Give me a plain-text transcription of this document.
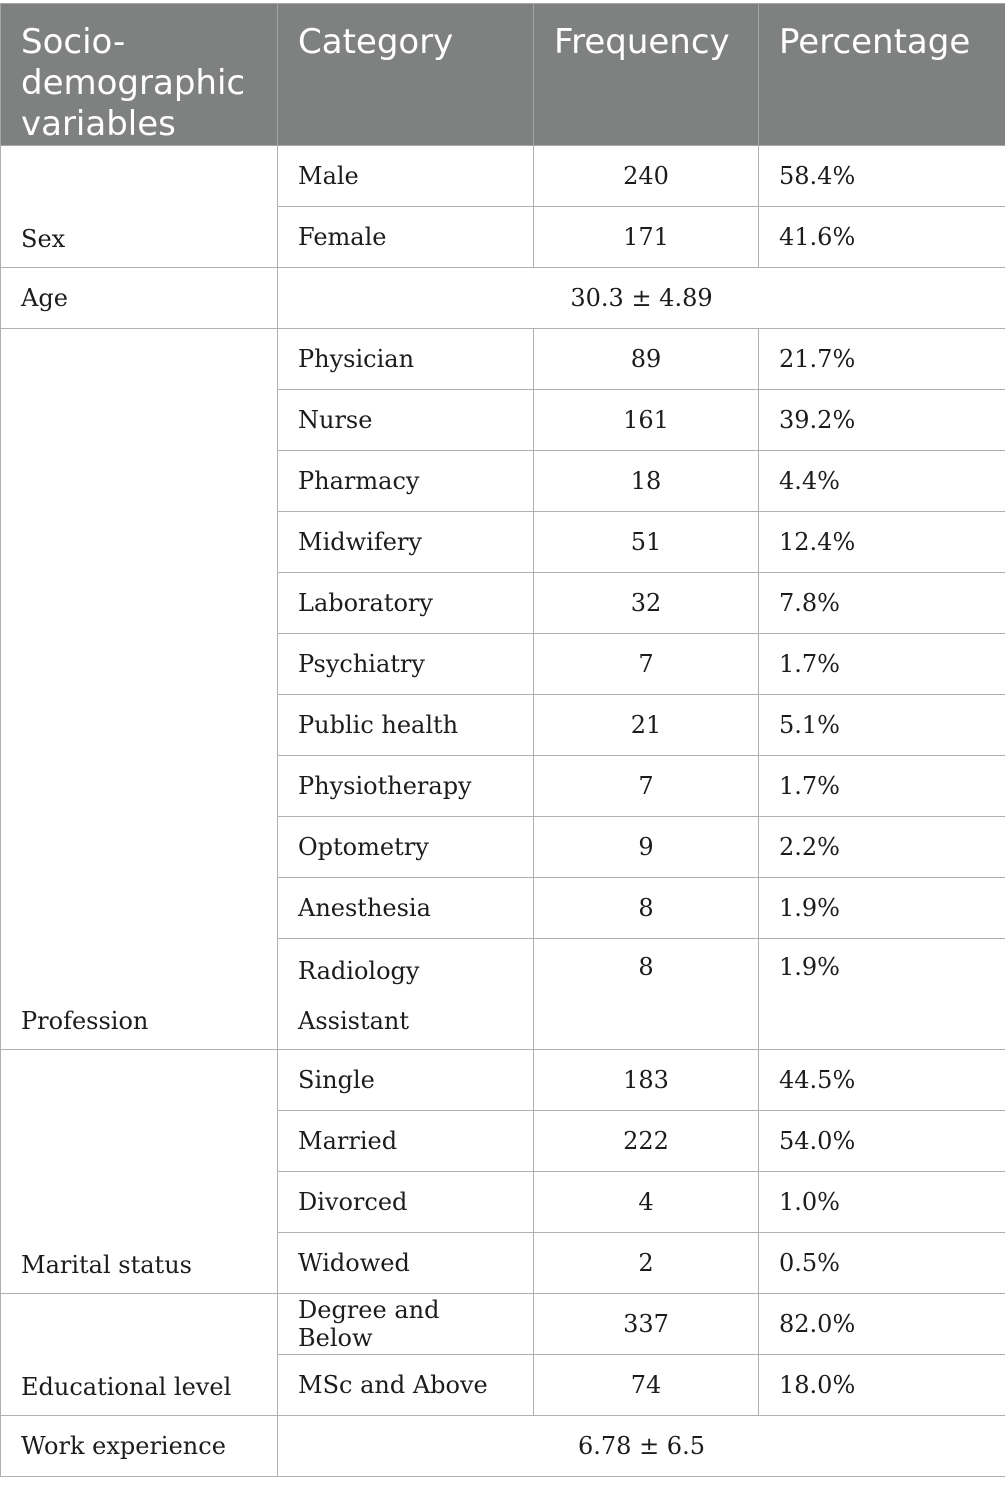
Socio-demographic variables	Category	Frequency	Percentage
Sex	Male	240	58.4%
	Female	171	41.6%
Age	30.3 ± 4.89		
Profession	Physician	89	21.7%
	Nurse	161	39.2%
	Pharmacy	18	4.4%
	Midwifery	51	12.4%
	Laboratory	32	7.8%
	Psychiatry	7	1.7%
	Public health	21	5.1%
	Physiotherapy	7	1.7%
	Optometry	9	2.2%
	Anesthesia	8	1.9%
	Radiology Assistant	8	1.9%
Marital status	Single	183	44.5%
	Married	222	54.0%
	Divorced	4	1.0%
	Widowed	2	0.5%
Educational level	Degree and Below	337	82.0%
	MSc and Above	74	18.0%
Work experience	6.78 ± 6.5		
